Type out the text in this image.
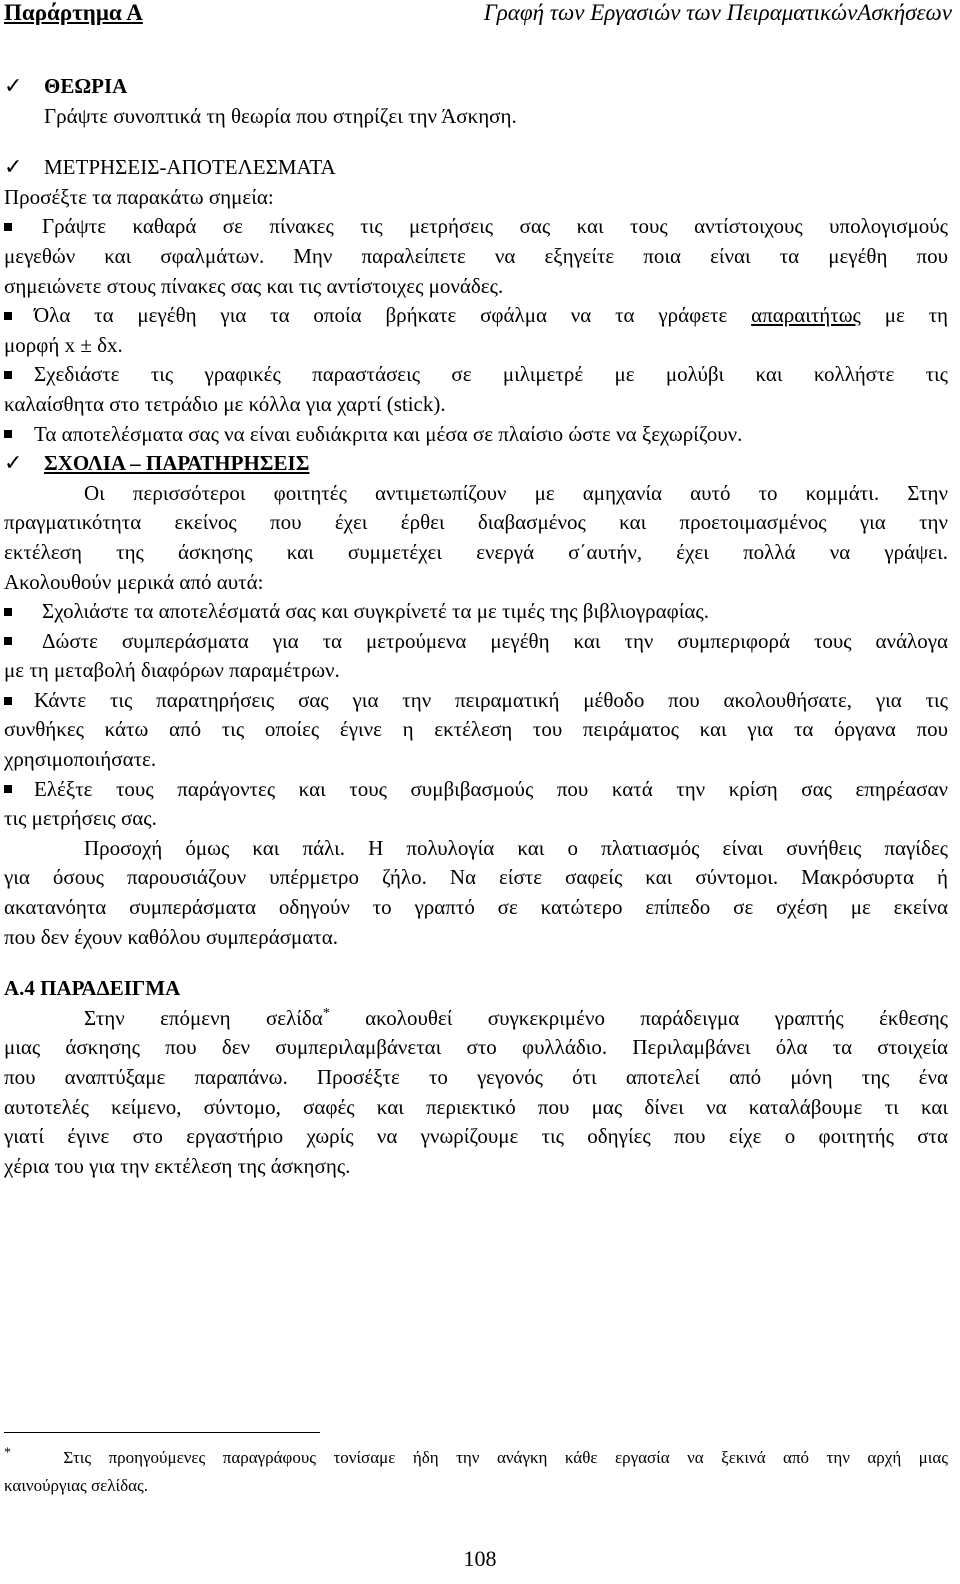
Παράρτημα Α	Γραφή των Εργασιών των ΠειραματικώνΑσκήσεων
✓ ΘΕΩΡΙΑ
Γράψτε συνοπτικά τη θεωρία που στηρίζει την Άσκηση.
✓ ΜΕΤΡΗΣΕΙΣ-ΑΠΟΤΕΛΕΣΜΑΤΑ
Προσέξτε τα παρακάτω σημεία:
Γράψτε καθαρά σε πίνακες τις μετρήσεις σας και τους αντίστοιχους υπολογισμούς
μεγεθών και σφαλμάτων. Μην παραλείπετε να εξηγείτε ποια είναι τα μεγέθη που
σημειώνετε στους πίνακες σας και τις αντίστοιχες μονάδες.
Όλα τα μεγέθη για τα οποία βρήκατε σφάλμα να τα γράφετε απαραιτήτως με τη
μορφή x ± δx.
Σχεδιάστε τις γραφικές παραστάσεις σε μιλιμετρέ με μολύβι και κολλήστε τις
καλαίσθητα στο τετράδιο με κόλλα για χαρτί (stick).
Τα αποτελέσματα σας να είναι ευδιάκριτα και μέσα σε πλαίσιο ώστε να ξεχωρίζουν.
✓ ΣΧΟΛΙΑ – ΠΑΡΑΤΗΡΗΣΕΙΣ
Οι περισσότεροι φοιτητές αντιμετωπίζουν με αμηχανία αυτό το κομμάτι. Στην
πραγματικότητα εκείνος που έχει έρθει διαβασμένος και προετοιμασμένος για την
εκτέλεση της άσκησης και συμμετέχει ενεργά σ΄αυτήν, έχει πολλά να γράψει.
Ακολουθούν μερικά από αυτά:
Σχολιάστε τα αποτελέσματά σας και συγκρίνετέ τα με τιμές της βιβλιογραφίας.
Δώστε συμπεράσματα για τα μετρούμενα μεγέθη και την συμπεριφορά τους ανάλογα
με τη μεταβολή διαφόρων παραμέτρων.
Κάντε τις παρατηρήσεις σας για την πειραματική μέθοδο που ακολουθήσατε, για τις
συνθήκες κάτω από τις οποίες έγινε η εκτέλεση του πειράματος και για τα όργανα που
χρησιμοποιήσατε.
Ελέξτε τους παράγοντες και τους συμβιβασμούς που κατά την κρίση σας επηρέασαν
τις μετρήσεις σας.
Προσοχή όμως και πάλι. Η πολυλογία και ο πλατιασμός είναι συνήθεις παγίδες
για όσους παρουσιάζουν υπέρμετρο ζήλο. Να είστε σαφείς και σύντομοι. Μακρόσυρτα ή
ακατανόητα συμπεράσματα οδηγούν το γραπτό σε κατώτερο επίπεδο σε σχέση με εκείνα
που δεν έχουν καθόλου συμπεράσματα.
Α.4 ΠΑΡΑΔΕΙΓΜΑ
Στην επόμενη σελίδα* ακολουθεί συγκεκριμένο παράδειγμα γραπτής έκθεσης
μιας άσκησης που δεν συμπεριλαμβάνεται στο φυλλάδιο. Περιλαμβάνει όλα τα στοιχεία
που αναπτύξαμε παραπάνω. Προσέξτε το γεγονός ότι αποτελεί από μόνη της ένα
αυτοτελές κείμενο, σύντομο, σαφές και περιεκτικό που μας δίνει να καταλάβουμε τι και
γιατί έγινε στο εργαστήριο χωρίς να γνωρίζουμε τις οδηγίες που είχε ο φοιτητής στα
χέρια του για την εκτέλεση της άσκησης.
*	Στις προηγούμενες παραγράφους τονίσαμε ήδη την ανάγκη κάθε εργασία να ξεκινά από την αρχή μιας
καινούργιας σελίδας.
108
